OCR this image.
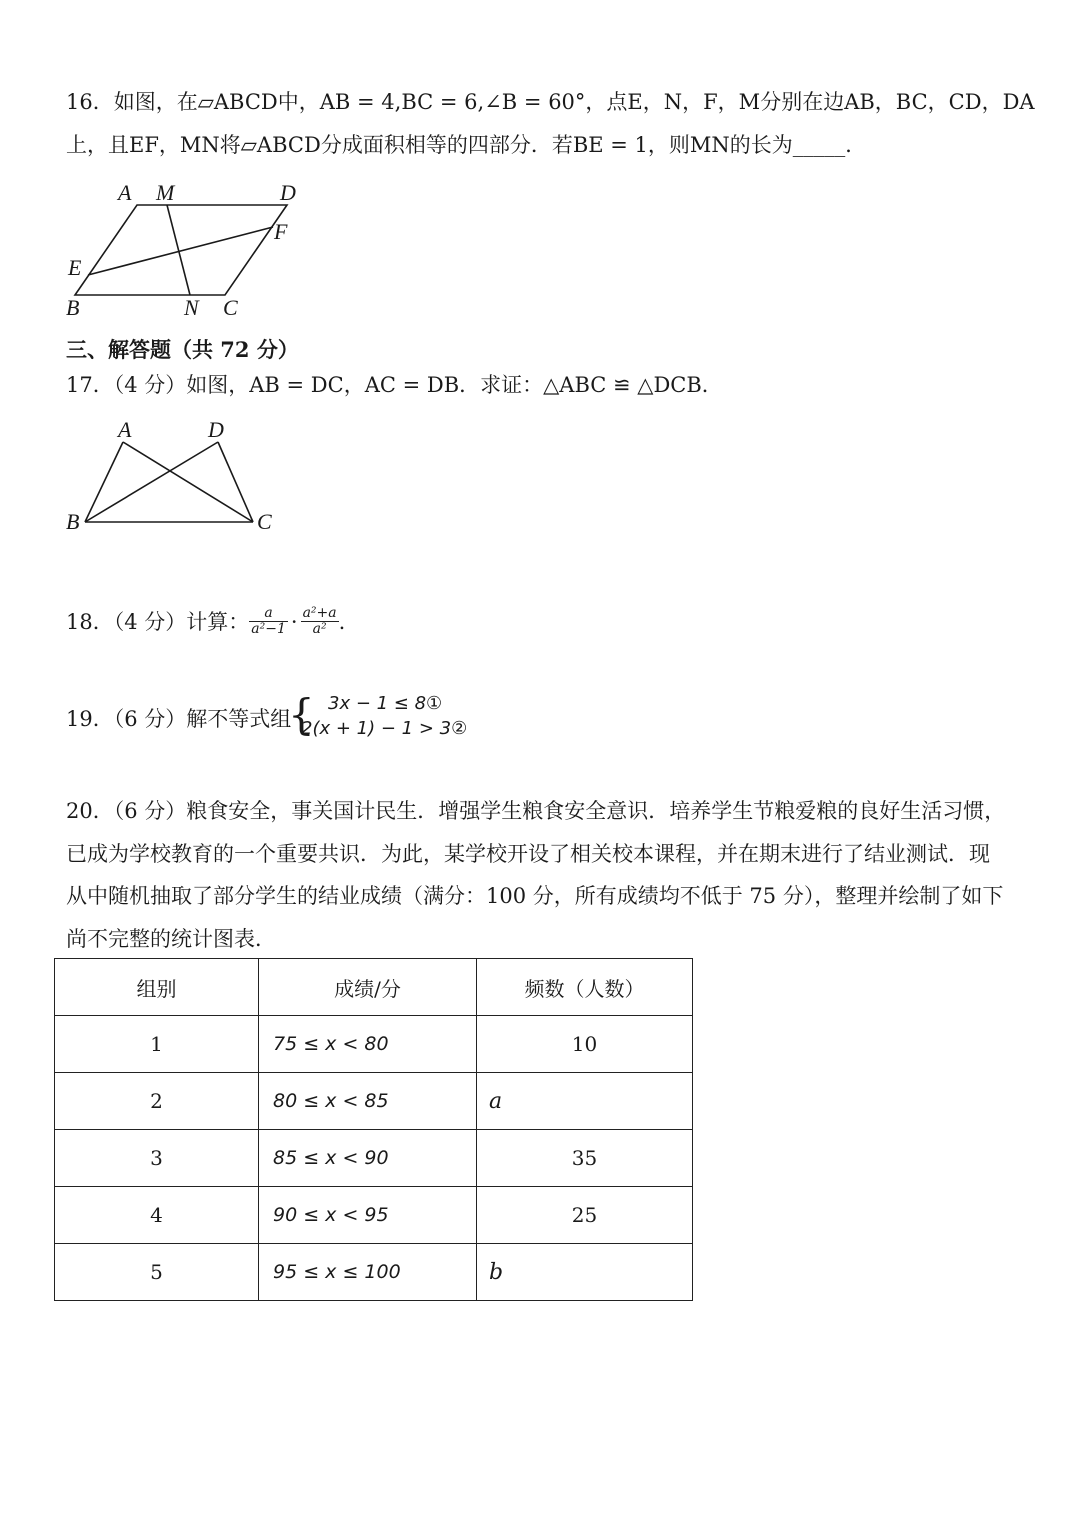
16．如图，在▱ABCD中，AB = 4,BC = 6,∠B = 60°，点E，N，F，M分别在边AB，BC，CD，DA
上，且EF，MN将▱ABCD分成面积相等的四部分．若BE = 1，则MN的长为_____．
A M	D
F
E
B	N C
三、解答题（共 72 分）
17．（4 分）如图，AB = DC，AC = DB．求证：△ABC ≌ △DCB．
A	D
B	C
18．（4 分）计算： $\frac{a}{\text{a²−1}} \cdot \frac{\text{a²+a}}{\text{a²}}$ .
19．（6 分）解不等式组
{ 3x − 1 ≤ 8①
2(x + 1) − 1 > 3②
20．（6 分）粮食安全，事关国计民生．增强学生粮食安全意识．培养学生节粮爱粮的良好生活习惯，
已成为学校教育的一个重要共识．为此，某学校开设了相关校本课程，并在期末进行了结业测试．现
从中随机抽取了部分学生的结业成绩（满分：100 分，所有成绩均不低于 75 分），整理并绘制了如下
尚不完整的统计图表．
组别	成绩/分	频数（人数）
1	75 ≤ x < 80	10
2	80 ≤ x < 85	a
3	85 ≤ x < 90	35
4	90 ≤ x < 95	25
5	95 ≤ x ≤ 100	b
